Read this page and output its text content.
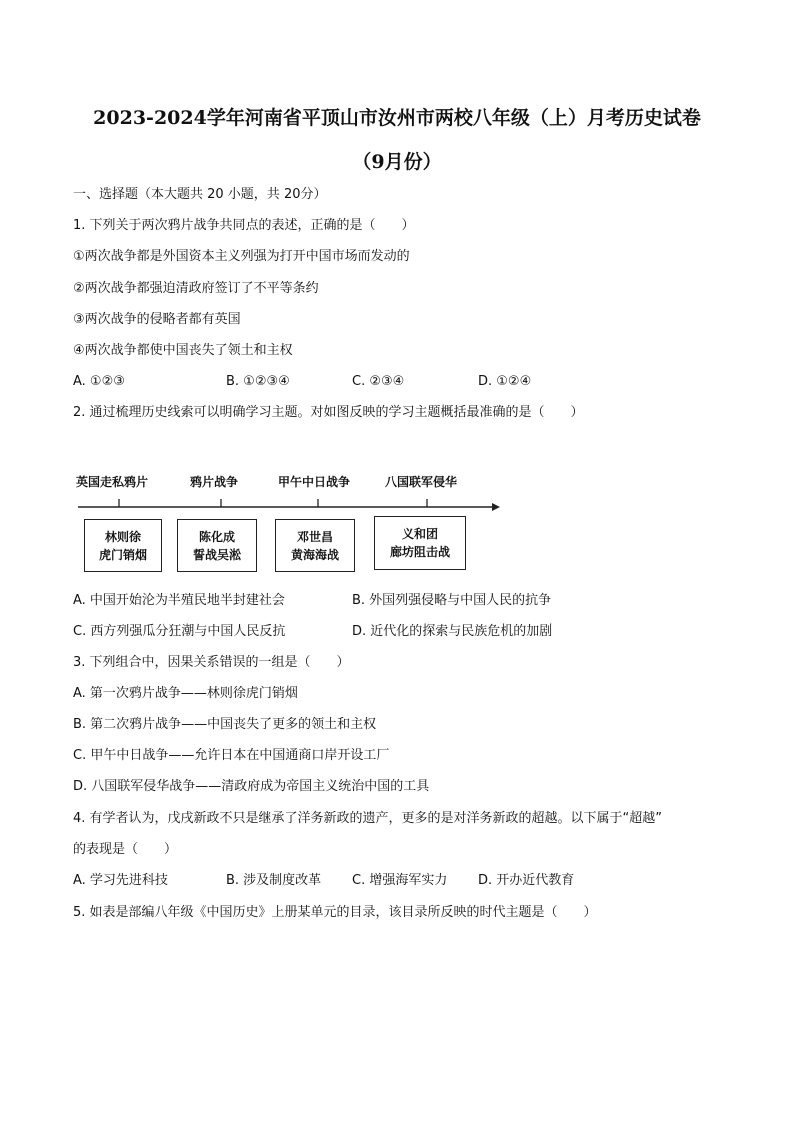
2023-2024学年河南省平顶山市汝州市两校八年级（上）月考历史试卷
（9月份）
一、选择题（本大题共 20 小题，共 20分）
1. 下列关于两次鸦片战争共同点的表述，正确的是（　　）
①两次战争都是外国资本主义列强为打开中国市场而发动的
②两次战争都强迫清政府签订了不平等条约
③两次战争的侵略者都有英国
④两次战争都使中国丧失了领土和主权
A. ①②③	B. ①②③④	C. ②③④	D. ①②④
2. 通过梳理历史线索可以明确学习主题。对如图反映的学习主题概括最准确的是（　　）
英国走私鸦片	鸦片战争	甲午中日战争	八国联军侵华
林则徐
虎门销烟
陈化成
誓战吴淞
邓世昌
黄海海战
义和团
廊坊阻击战
A. 中国开始沦为半殖民地半封建社会	B. 外国列强侵略与中国人民的抗争
C. 西方列强瓜分狂潮与中国人民反抗	D. 近代化的探索与民族危机的加剧
3. 下列组合中，因果关系错误的一组是（　　）
A. 第一次鸦片战争——林则徐虎门销烟
B. 第二次鸦片战争——中国丧失了更多的领土和主权
C. 甲午中日战争——允许日本在中国通商口岸开设工厂
D. 八国联军侵华战争——清政府成为帝国主义统治中国的工具
4. 有学者认为，戊戌新政不只是继承了洋务新政的遗产，更多的是对洋务新政的超越。以下属于“超越”
的表现是（　　）
A. 学习先进科技	B. 涉及制度改革 C. 增强海军实力 D. 开办近代教育
5. 如表是部编八年级《中国历史》上册某单元的目录，该目录所反映的时代主题是（　　）
